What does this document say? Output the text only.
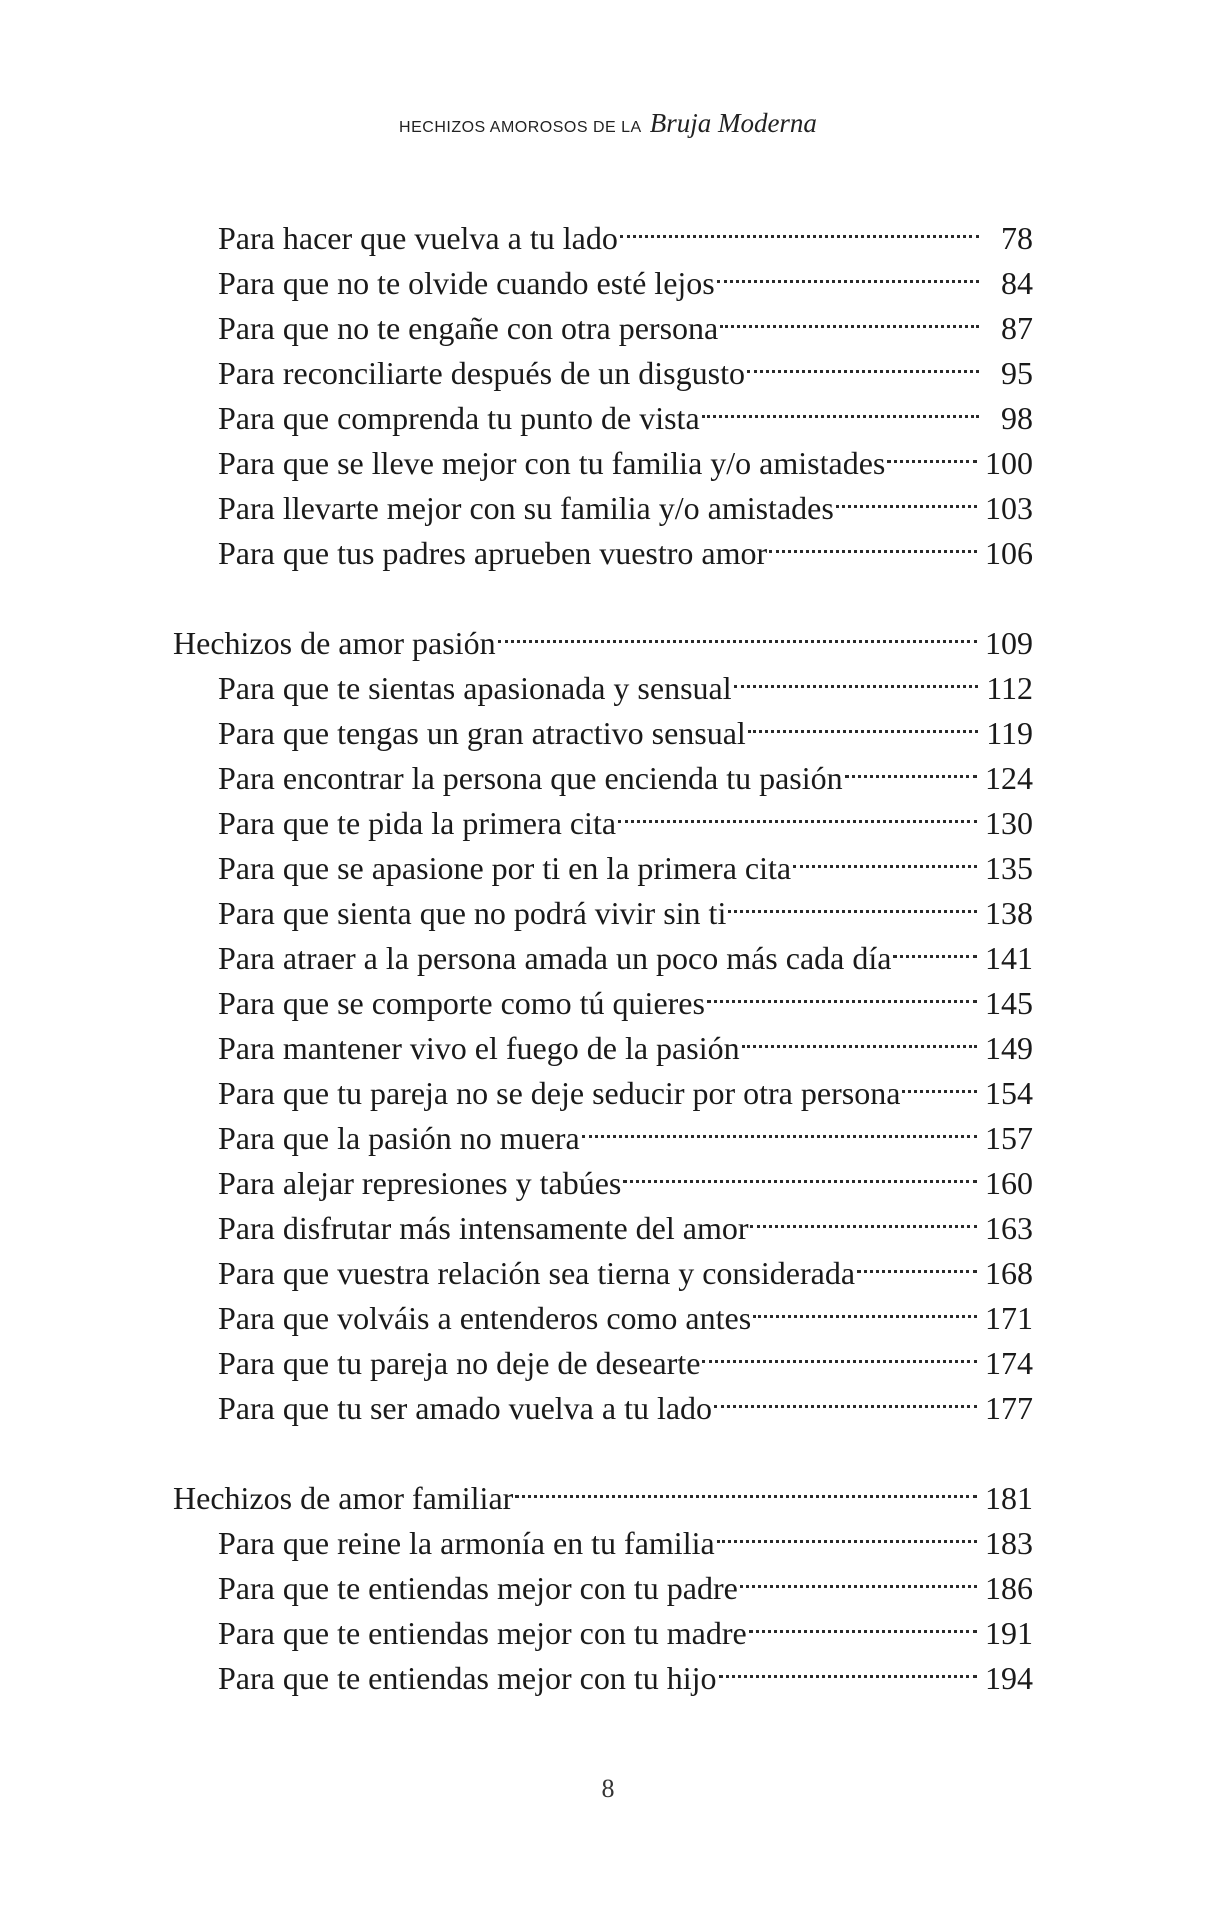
HECHIZOS AMOROSOS DE LA Bruja Moderna
Para hacer que vuelva a tu lado	78
Para que no te olvide cuando esté lejos	84
Para que no te engañe con otra persona	87
Para reconciliarte después de un disgusto	95
Para que comprenda tu punto de vista	98
Para que se lleve mejor con tu familia y/o amistades	100
Para llevarte mejor con su familia y/o amistades	103
Para que tus padres aprueben vuestro amor	106
Hechizos de amor pasión	109
Para que te sientas apasionada y sensual	112
Para que tengas un gran atractivo sensual	119
Para encontrar la persona que encienda tu pasión	124
Para que te pida la primera cita	130
Para que se apasione por ti en la primera cita	135
Para que sienta que no podrá vivir sin ti	138
Para atraer a la persona amada un poco más cada día	141
Para que se comporte como tú quieres	145
Para mantener vivo el fuego de la pasión	149
Para que tu pareja no se deje seducir por otra persona	154
Para que la pasión no muera	157
Para alejar represiones y tabúes	160
Para disfrutar más intensamente del amor	163
Para que vuestra relación sea tierna y considerada	168
Para que volváis a entenderos como antes	171
Para que tu pareja no deje de desearte	174
Para que tu ser amado vuelva a tu lado	177
Hechizos de amor familiar	181
Para que reine la armonía en tu familia	183
Para que te entiendas mejor con tu padre	186
Para que te entiendas mejor con tu madre	191
Para que te entiendas mejor con tu hijo	194
8
